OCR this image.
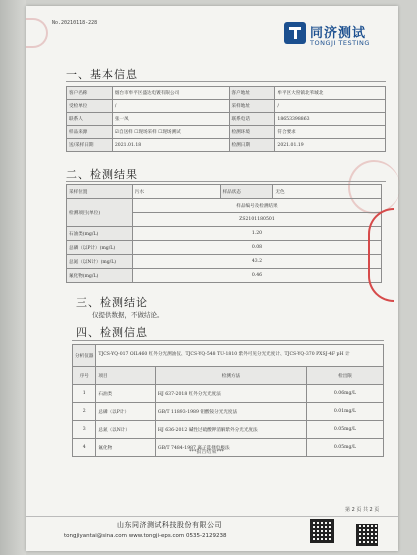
No.20210118-228
同济测试
TONGJI TESTING
一、基本信息
客户名称	烟台市牟平区盛达电镀有限公司	客户地址	牟平区大窑镇北苇城北
受检单位	/	采样地址	/
联系人	张一凤	联系电话	18653398863
样品来源	☑自送样 ☐现场采样 ☐现场测试	检测环境	符合要求
送/采样日期	2021.01.18	检测日期	2021.01.19
二、检测结果
采样位置	污水	样品状态	无色
检测项目(单位)	样品编号及检测结果		
	ZS2101180501		
石油类(mg/L)	1.20		
总磷（以P计）(mg/L)	0.08		
总氮（以N计）(mg/L)	43.2		
氟化物(mg/L)	0.46		
三、检测结论
仅提供数据，不做结论。
四、检测信息
分析仪器	TJCS-YQ-017 OIL460 红外分光测油仪、TJCS-YQ-548 TU-1810 紫外可见分光光度计、TJCS-YQ-370 PXSJ-4F pH 计		
序号	项目	检测方法	检出限
1	石油类	HJ 637-2018 红外分光光度法	0.06mg/L
2	总磷（以P计）	GB/T 11893-1989 钼酸铵分光光度法	0.01mg/L
3	总氮（以N计）	HJ 636-2012 碱性过硫酸钾消解紫外分光光度法	0.05mg/L
4	氟化物	GB/T 7484-1987 离子选择电极法	0.05mg/L
***报告结束***
第 2 页 共 2 页
山东同济测试科技股份有限公司
tongjiyantai@sina.com www.tongji-eps.com 0535-2129238
